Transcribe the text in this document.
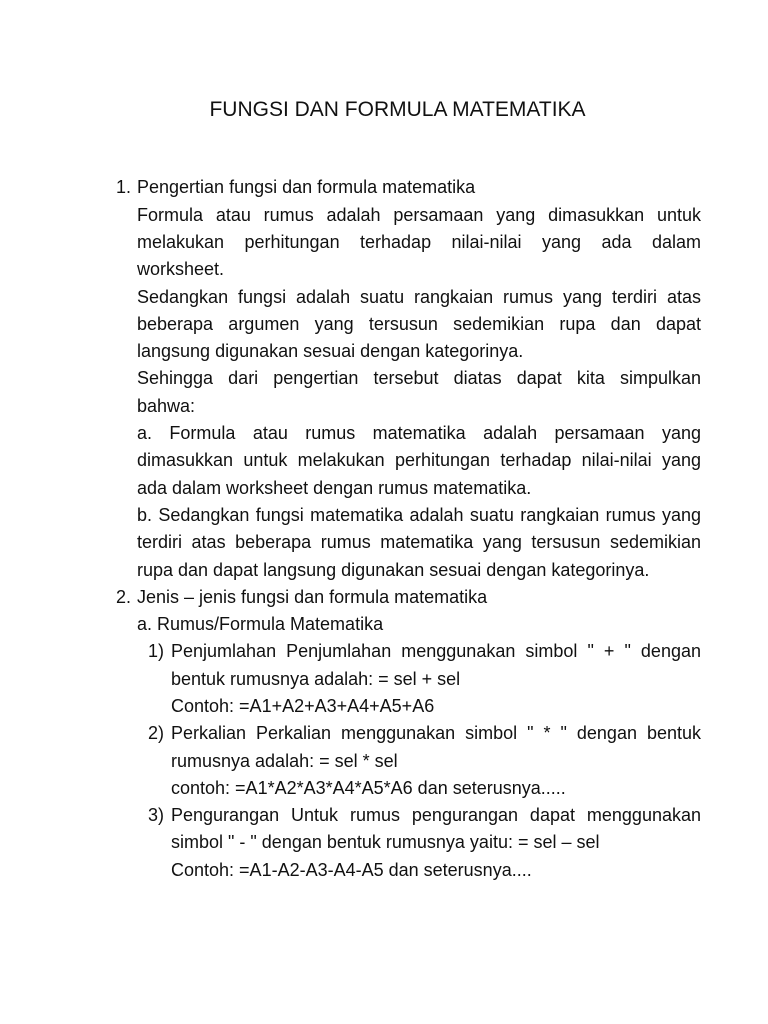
FUNGSI DAN FORMULA MATEMATIKA
1. Pengertian fungsi dan formula matematika
Formula atau rumus adalah persamaan yang dimasukkan untuk
melakukan perhitungan terhadap nilai-nilai yang ada dalam
worksheet.
Sedangkan fungsi adalah suatu rangkaian rumus yang terdiri atas
beberapa argumen yang tersusun sedemikian rupa dan dapat
langsung digunakan sesuai dengan kategorinya.
Sehingga dari pengertian tersebut diatas dapat kita simpulkan
bahwa:
a. Formula atau rumus matematika adalah persamaan yang
dimasukkan untuk melakukan perhitungan terhadap nilai-nilai yang
ada dalam worksheet dengan rumus matematika.
b. Sedangkan fungsi matematika adalah suatu rangkaian rumus yang
terdiri atas beberapa rumus matematika yang tersusun sedemikian
rupa dan dapat langsung digunakan sesuai dengan kategorinya.
2. Jenis – jenis fungsi dan formula matematika
a. Rumus/Formula Matematika
1) Penjumlahan Penjumlahan menggunakan simbol " + " dengan
bentuk rumusnya adalah: = sel + sel
Contoh: =A1+A2+A3+A4+A5+A6
2) Perkalian Perkalian menggunakan simbol " * " dengan bentuk
rumusnya adalah: = sel * sel
contoh: =A1*A2*A3*A4*A5*A6 dan seterusnya.....
3) Pengurangan Untuk rumus pengurangan dapat menggunakan
simbol " - " dengan bentuk rumusnya yaitu: = sel – sel
Contoh: =A1-A2-A3-A4-A5 dan seterusnya....
